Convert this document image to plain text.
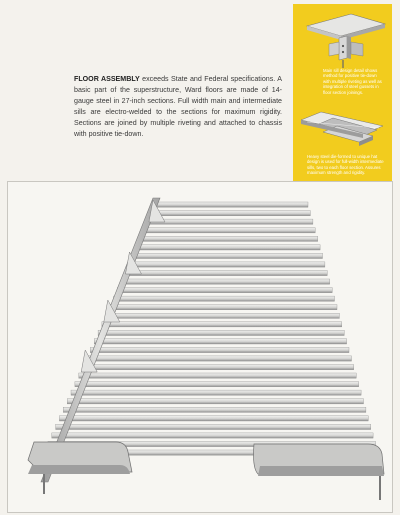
FLOOR ASSEMBLY exceeds State and Federal specifications. A basic part of the superstructure, Ward floors are made of 14-gauge steel in 27-inch sections. Full width main and intermediate sills are electro-welded to the sections for maximum rigidity. Sections are joined by multiple riveting and attached to chassis with positive tie-down.

Main sill design detail shows method for positive tie-down with multiple riveting as well as integration of steel gussets in floor section joinings.

Heavy steel die-formed to unique hat design is used for full-width intermediate sills, two to each floor section. Assures maximum strength and rigidity.
